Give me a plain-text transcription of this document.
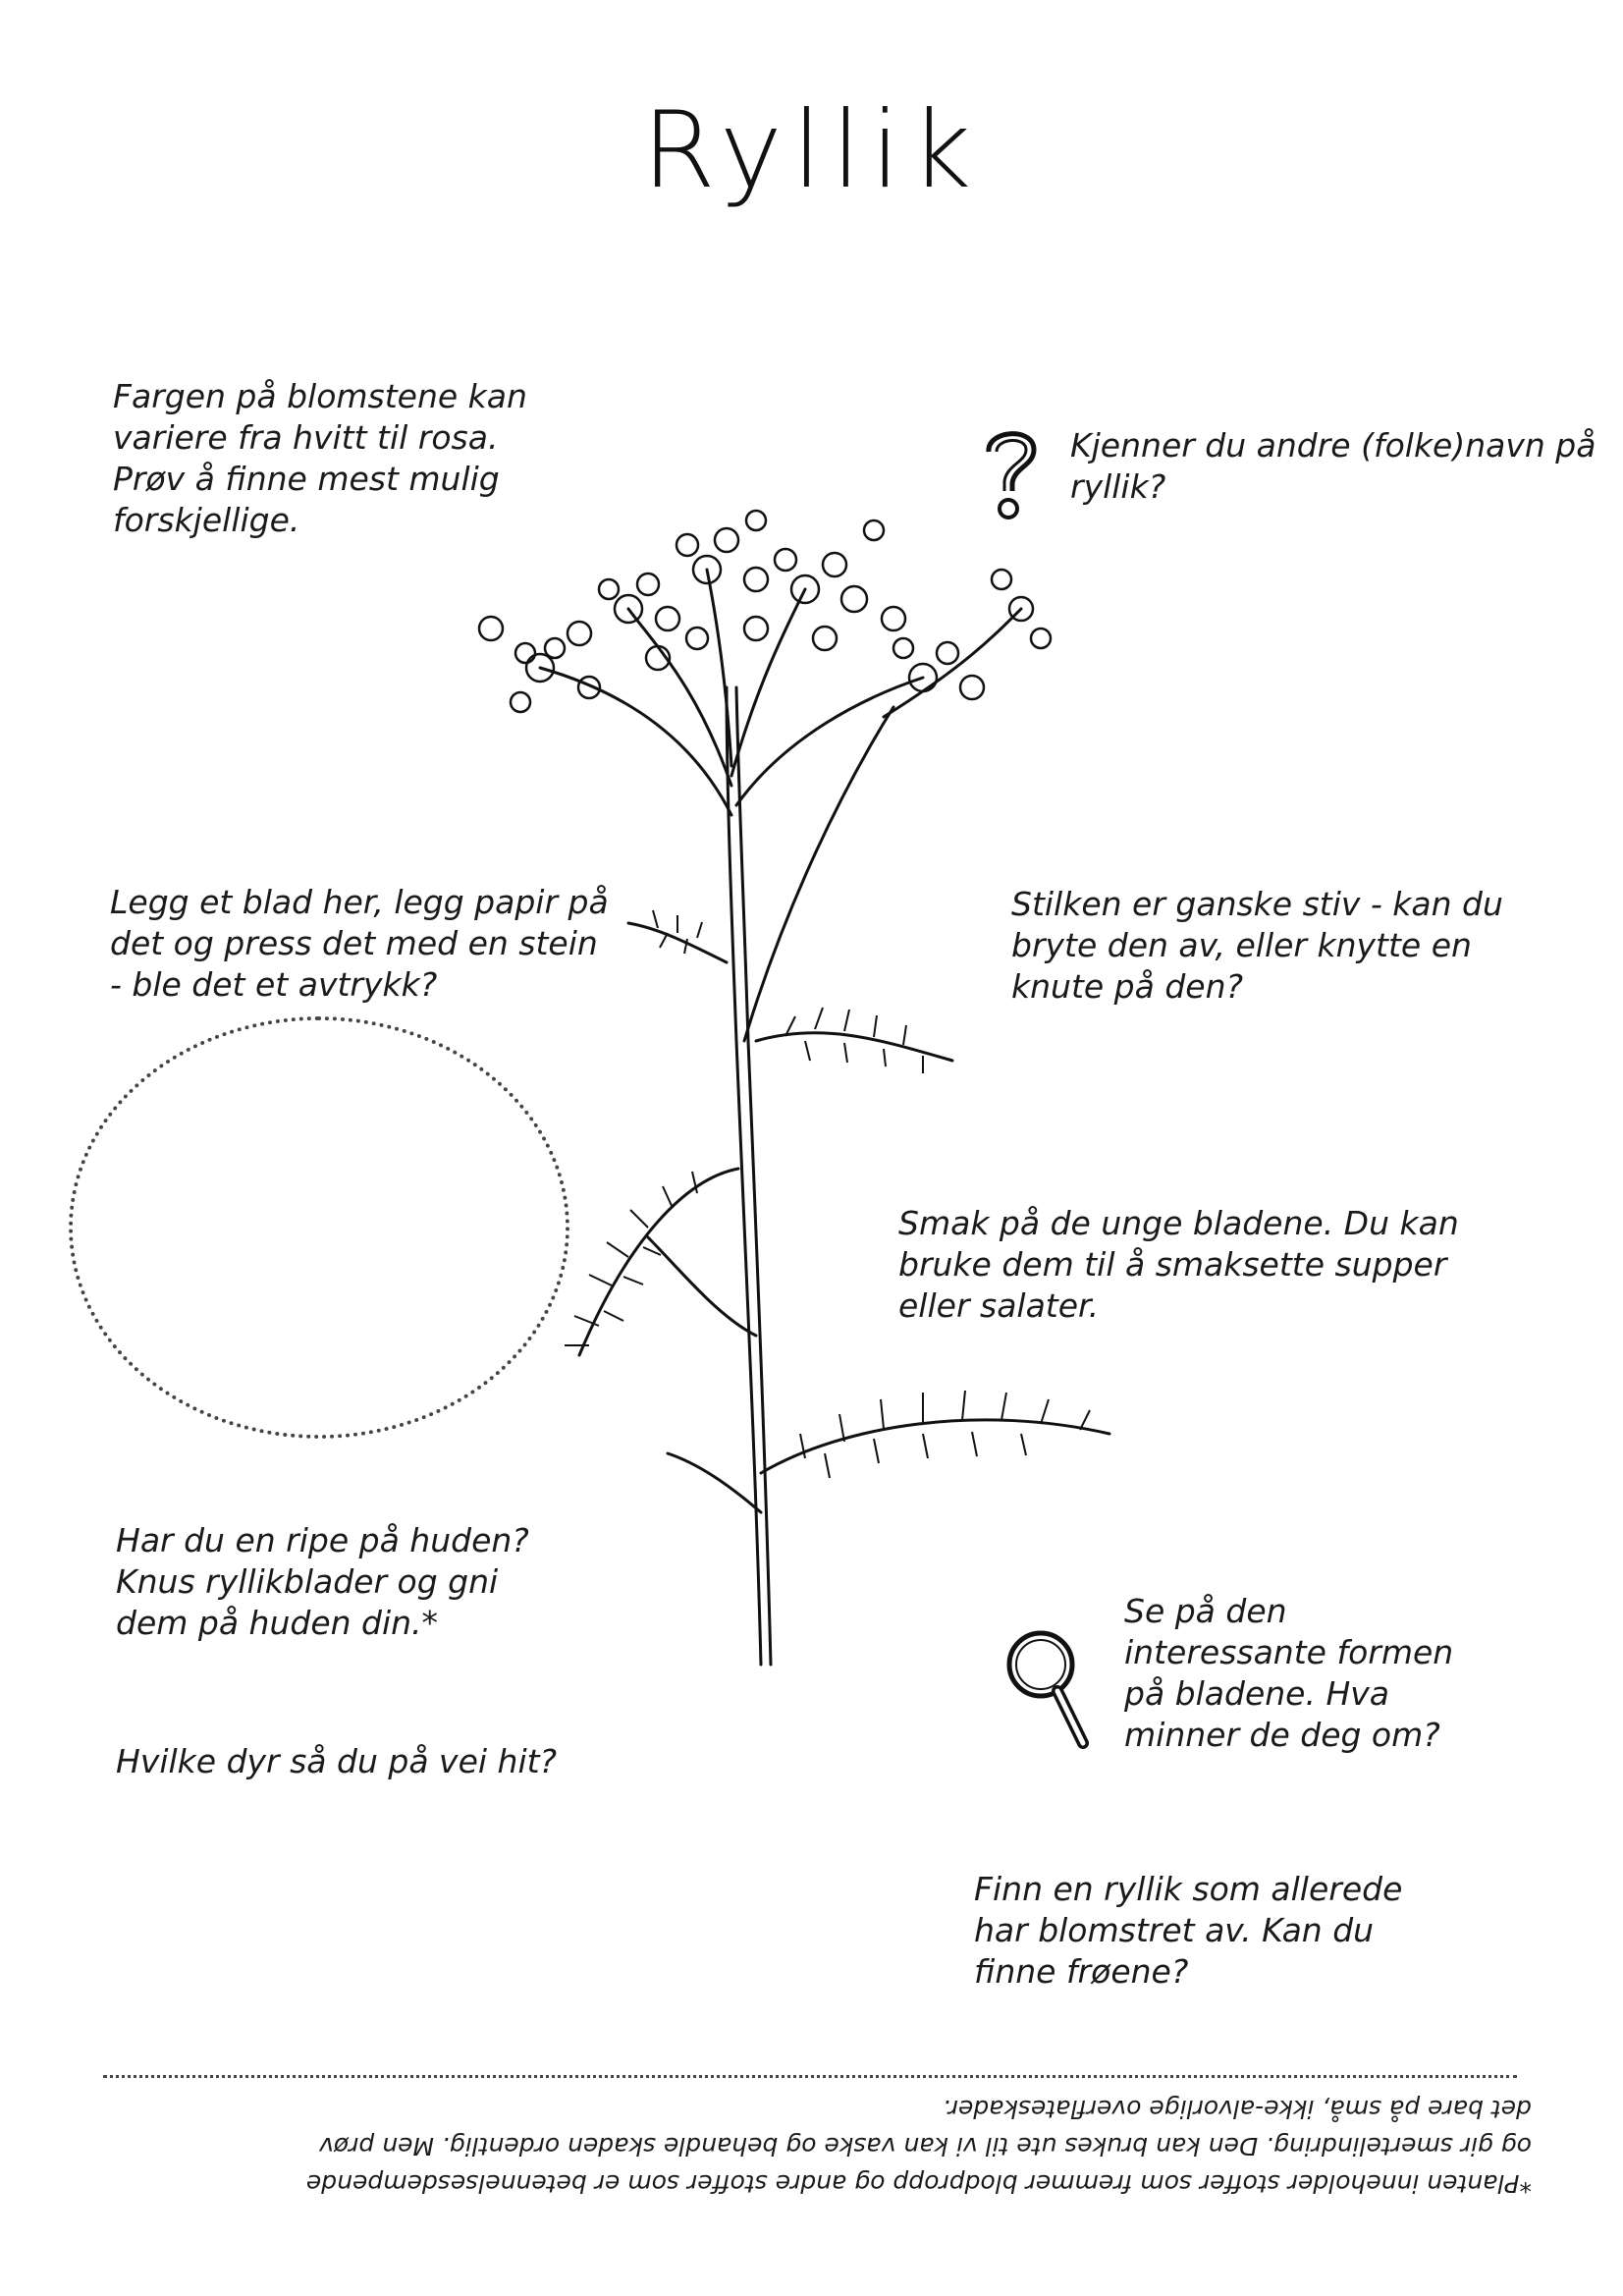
Ryllik
Fargen på blomstene kan
variere fra hvitt til rosa.
Prøv å finne mest mulig
forskjellige.
Kjenner du andre (folke)navn på
ryllik?
Stilken er ganske stiv - kan du
bryte den av, eller knytte en
knute på den?
Legg et blad her, legg papir på
det og press det med en stein
- ble det et avtrykk?
Smak på de unge bladene. Du kan
bruke dem til å smaksette supper
eller salater.
Har du en ripe på huden?
Knus ryllikblader og gni
dem på huden din.*	Se på den
interessante formen
på bladene. Hva
minner de deg om?
Hvilke dyr så du på vei hit?
Finn en ryllik som allerede
har blomstret av. Kan du
finne frøene?
*Planten inneholder stoffer som fremmer blodpropp og andre stoffer som er betennelsesdempende
og gir smertelindring. Den kan brukes ute til vi kan vaske og behandle skaden ordentlig. Men prøv
det bare på små, ikke-alvorlige overflateskader.
